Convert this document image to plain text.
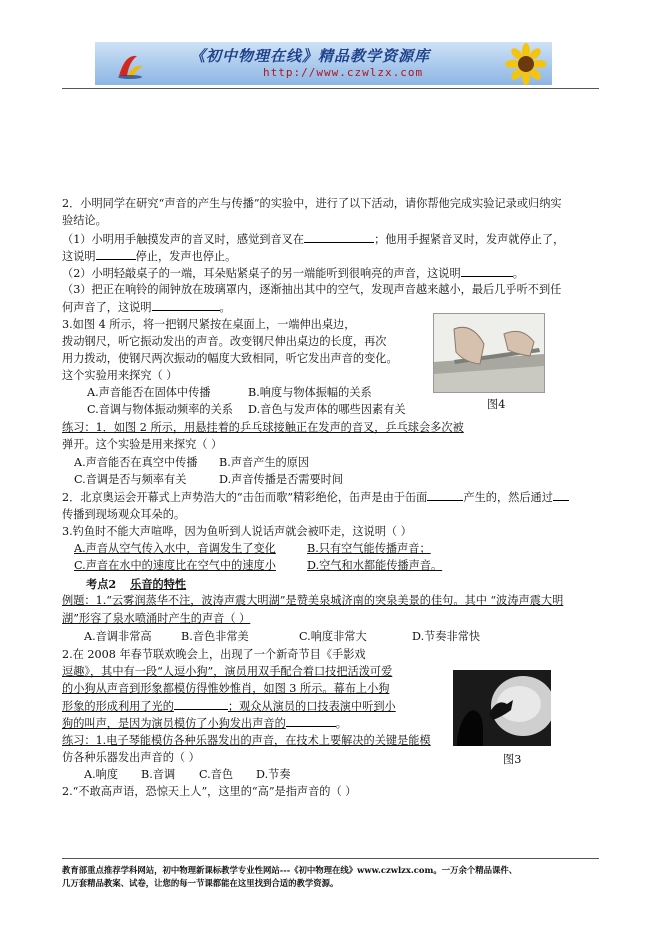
《初中物理在线》精品教学资源库
http://www.czwlzx.com
2．小明同学在研究“声音的产生与传播”的实验中，进行了以下活动，请你帮他完成实验记录或归纳实
验结论。
（1）小明用手触摸发声的音叉时，感觉到音叉在	；他用手握紧音叉时，发声就停止了，
这说明	停止，发声也停止。
（2）小明轻敲桌子的一端，耳朵贴紧桌子的另一端能听到很响亮的声音，这说明	。
（3）把正在响铃的闹钟放在玻璃罩内，逐渐抽出其中的空气，发现声音越来越小，最后几乎听不到任
何声音了，这说明	。
3.如图 4 所示，将一把钢尺紧按在桌面上，一端伸出桌边，
拨动钢尺，听它振动发出的声音。改变钢尺伸出桌边的长度，再次
用力拨动，使钢尺两次振动的幅度大致相同，听它发出声音的变化。
这个实验用来探究（ ）
A.声音能否在固体中传播	B.响度与物体振幅的关系
C.音调与物体振动频率的关系 D.音色与发声体的哪些因素有关	图4
练习：1．如图 2 所示，用悬挂着的乒乓球接触正在发声的音叉，乒乓球会多次被
弹开。这个实验是用来探究（ ）
A.声音能否在真空中传播 B.声音产生的原因
C.音调是否与频率有关	D.声音传播是否需要时间
2．北京奥运会开幕式上声势浩大的“击缶而歌”精彩绝伦，缶声是由于缶面	产生的，然后通过
传播到现场观众耳朵的。
3.钓鱼时不能大声喧哗，因为鱼听到人说话声就会被吓走，这说明（ ）
A.声音从空气传入水中，音调发生了变化	B.只有空气能传播声音；
C.声音在水中的速度比在空气中的速度小	D.空气和水都能传播声音。
考点2 乐音的特性
例题：1.“云雾润蒸华不注，波涛声震大明湖”是赞美泉城济南的突泉美景的佳句。其中 “波涛声震大明
湖”形容了泉水喷涌时产生的声音（ ）
A.音调非常高	B.音色非常美	C.响度非常大	D.节奏非常快
2.在 2008 年春节联欢晚会上，出现了一个新奇节目《手影戏
逗趣》，其中有一段“人逗小狗”，演员用双手配合着口技把活泼可爱
的小狗从声音到形象都模仿得惟妙惟肖，如图 3 所示。幕布上小狗
形象的形成利用了光的	；观众从演员的口技表演中听到小
狗的叫声，是因为演员模仿了小狗发出声音的	。
图3
练习：1.电子琴能模仿各种乐器发出的声音，在技术上要解决的关键是能模
仿各种乐器发出声音的（ ）
A.响度 B.音调 C.音色 D.节奏
2.“不敢高声语，恐惊天上人”，这里的“高”是指声音的（ ）
教育部重点推荐学科网站，初中物理新课标教学专业性网站---《初中物理在线》www.czwlzx.com。一万余个精品课件、
几万套精品教案、试卷，让您的每一节课都能在这里找到合适的教学资源。
